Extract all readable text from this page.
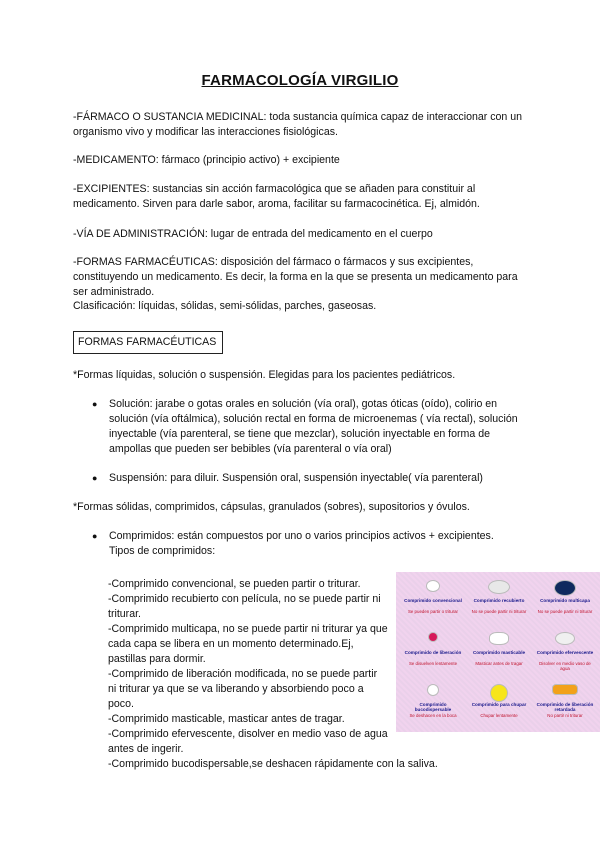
FARMACOLOGÍA VIRGILIO
-FÁRMACO O SUSTANCIA MEDICINAL: toda sustancia química capaz de interaccionar con un organismo vivo y modificar las interacciones fisiológicas.
-MEDICAMENTO: fármaco (principio activo) + excipiente
-EXCIPIENTES: sustancias sin acción farmacológica que se añaden para constituir al medicamento. Sirven para darle sabor, aroma, facilitar su farmacocinética. Ej, almidón.
-VÍA DE ADMINISTRACIÓN: lugar de entrada del medicamento en el cuerpo
-FORMAS FARMACÉUTICAS: disposición del fármaco o fármacos y sus excipientes, constituyendo un medicamento. Es decir, la forma en la que se presenta un medicamento para ser administrado.
Clasificación: líquidas, sólidas, semi-sólidas, parches, gaseosas.
FORMAS FARMACÉUTICAS
*Formas líquidas, solución o suspensión. Elegidas para los pacientes pediátricos.
● Solución: jarabe o gotas orales en solución (vía oral), gotas óticas (oído), colirio en solución (vía oftálmica), solución rectal en forma de microenemas ( vía rectal), solución inyectable (vía parenteral, se tiene que mezclar), solución inyectable en forma de ampollas que pueden ser bebibles (vía parenteral o vía oral)
● Suspensión: para diluir. Suspensión oral, suspensión inyectable( vía parenteral)
*Formas sólidas, comprimidos, cápsulas, granulados (sobres), supositorios y óvulos.
● Comprimidos: están compuestos por uno o varios principios activos + excipientes. Tipos de comprimidos:
-Comprimido convencional, se pueden partir o triturar.
-Comprimido recubierto con película, no se puede partir ni triturar.
-Comprimido multicapa, no se puede partir ni triturar ya que cada capa se libera en un momento determinado.Ej, pastillas para dormir.
-Comprimido de liberación modificada, no se puede partir ni triturar ya que se va liberando y absorbiendo poco a poco.
-Comprimido masticable, masticar antes de tragar.
-Comprimido efervescente, disolver en medio vaso de agua antes de ingerir.
-Comprimido bucodispersable,se deshacen rápidamente con la saliva.
Comprimido convencional
Se pueden partir o triturar
Comprimido recubierto
No se puede partir ni triturar
Comprimido multicapa
No se puede partir ni triturar
Comprimido de liberación
Se disuelven lentamente
Comprimido masticable
Masticar antes de tragar
Comprimido efervescente
Disolver en medio vaso de agua
Comprimido bucodispersable
Se deshacen en la boca
Comprimido para chupar
Chupar lentamente
Comprimido de liberación retardada
No partir ni triturar
